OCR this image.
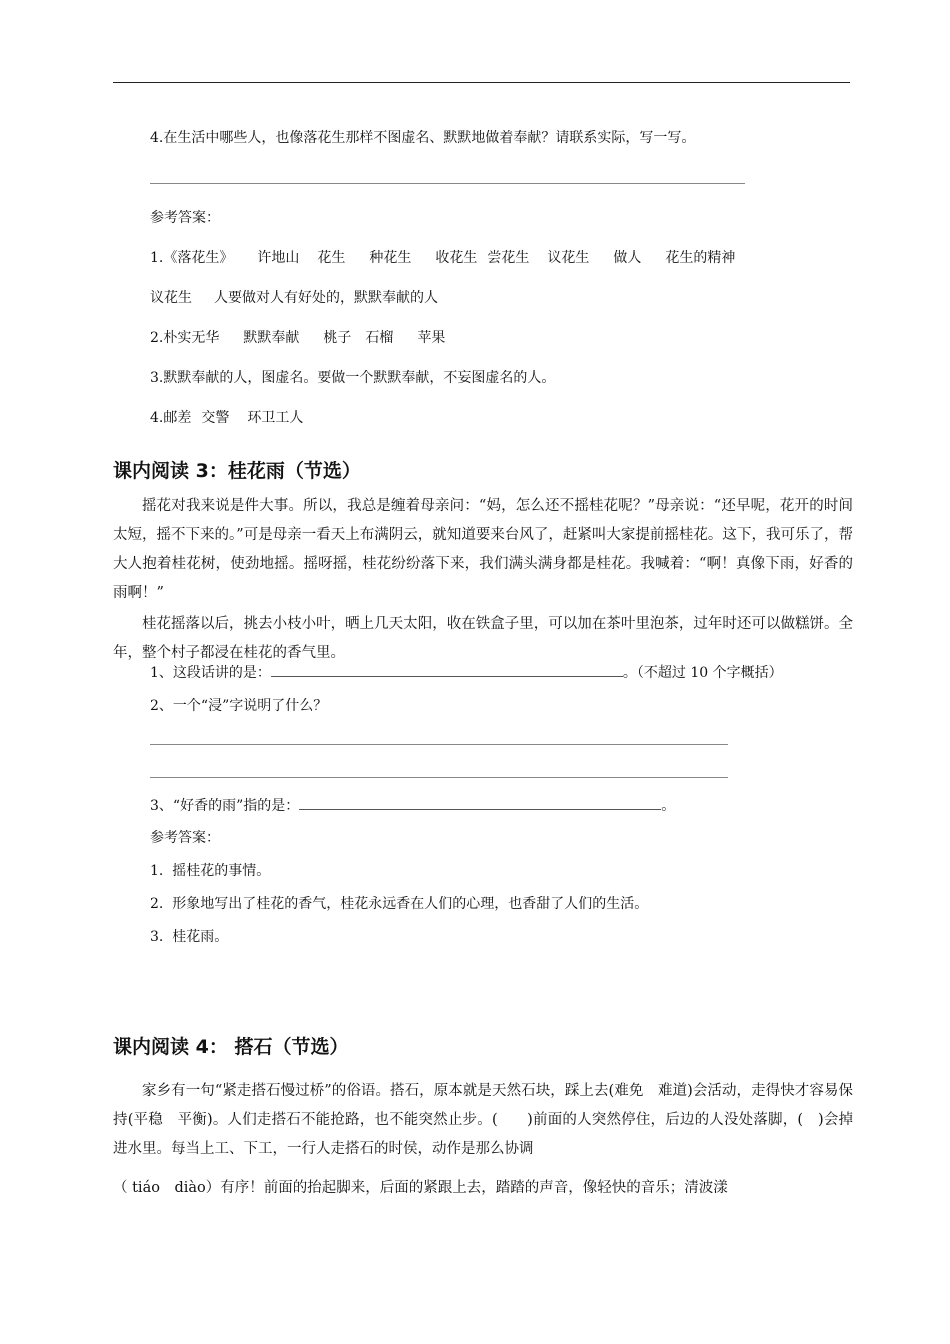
4.在生活中哪些人，也像落花生那样不图虚名、默默地做着奉献？请联系实际，写一写。
参考答案：
1.《落花生》 许地山 花生 种花生 收花生 尝花生 议花生 做人 花生的精神
议花生 人要做对人有好处的，默默奉献的人
2.朴实无华 默默奉献 桃子 石榴 苹果
3.默默奉献的人，图虚名。要做一个默默奉献，不妄图虚名的人。
4.邮差 交警 环卫工人
课内阅读 3：桂花雨（节选）

摇花对我来说是件大事。所以，我总是缠着母亲问：“妈，怎么还不摇桂花呢？”母亲说：“还早呢，花开的时间太短，摇不下来的。”可是母亲一看天上布满阴云，就知道要来台风了，赶紧叫大家提前摇桂花。这下，我可乐了，帮大人抱着桂花树，使劲地摇。摇呀摇，桂花纷纷落下来，我们满头满身都是桂花。我喊着：“啊！真像下雨，好香的雨啊！”

桂花摇落以后，挑去小枝小叶，晒上几天太阳，收在铁盒子里，可以加在茶叶里泡茶，过年时还可以做糕饼。全年，整个村子都浸在桂花的香气里。

1、这段话讲的是：	。（不超过 10 个字概括）
2、一个“浸”字说明了什么？
3、“好香的雨”指的是：	。
参考答案：
1.  摇桂花的事情。
2.  形象地写出了桂花的香气，桂花永远香在人们的心理，也香甜了人们的生活。
3.  桂花雨。
课内阅读 4： 搭石（节选）

家乡有一句“紧走搭石慢过桥”的俗语。搭石，原本就是天然石块，踩上去(难免　难道)会活动，走得快才容易保持(平稳　平衡)。人们走搭石不能抢路，也不能突然止步。(　　)前面的人突然停住，后边的人没处落脚，(　)会掉进水里。每当上工、下工，一行人走搭石的时侯，动作是那么协调

（ tiáo　diào）有序！前面的抬起脚来，后面的紧跟上去，踏踏的声音，像轻快的音乐；清波漾
